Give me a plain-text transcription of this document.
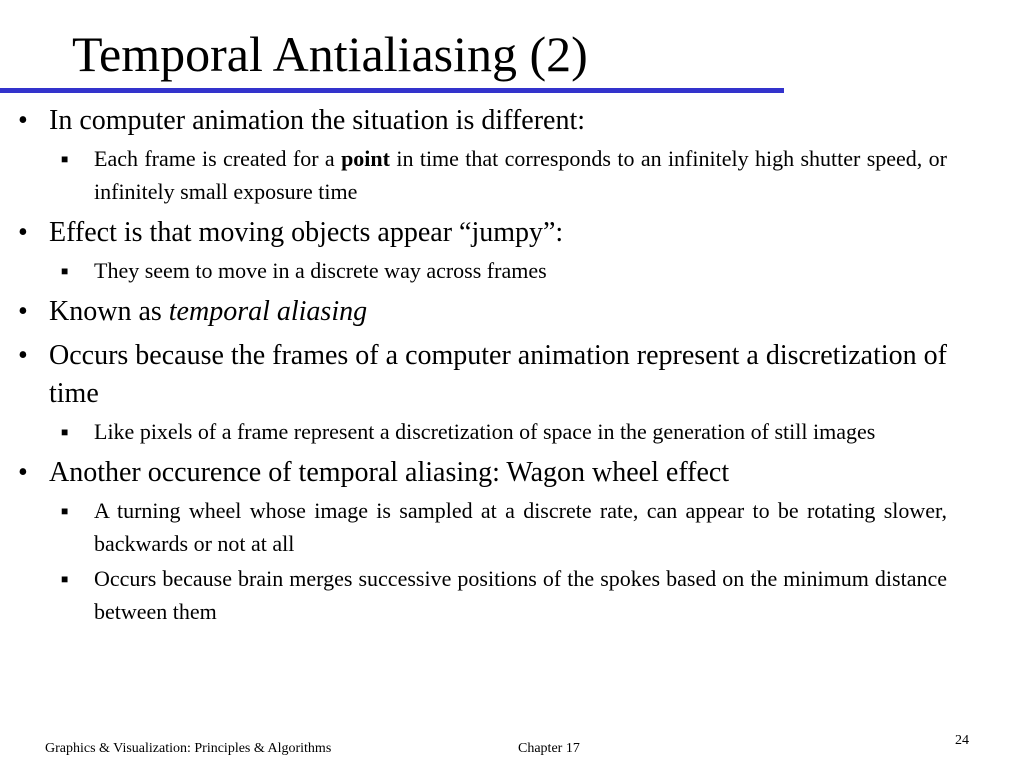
Temporal Antialiasing (2)
• In computer animation the situation is different:
■ Each frame is created for a point in time that corresponds to an infinitely high shutter speed, or infinitely small exposure time
• Effect is that moving objects appear “jumpy”:
■ They seem to move in a discrete way across frames
• Known as temporal aliasing
• Occurs because the frames of a computer animation represent a discretization of time
■ Like pixels of a frame represent a discretization of space in the generation of still images
• Another occurence of temporal aliasing: Wagon wheel effect
■ A turning wheel whose image is sampled at a discrete rate, can appear to be rotating slower, backwards or not at all
■ Occurs because brain merges successive positions of the spokes based on the minimum distance between them
Graphics & Visualization: Principles & Algorithms	Chapter 17
24
